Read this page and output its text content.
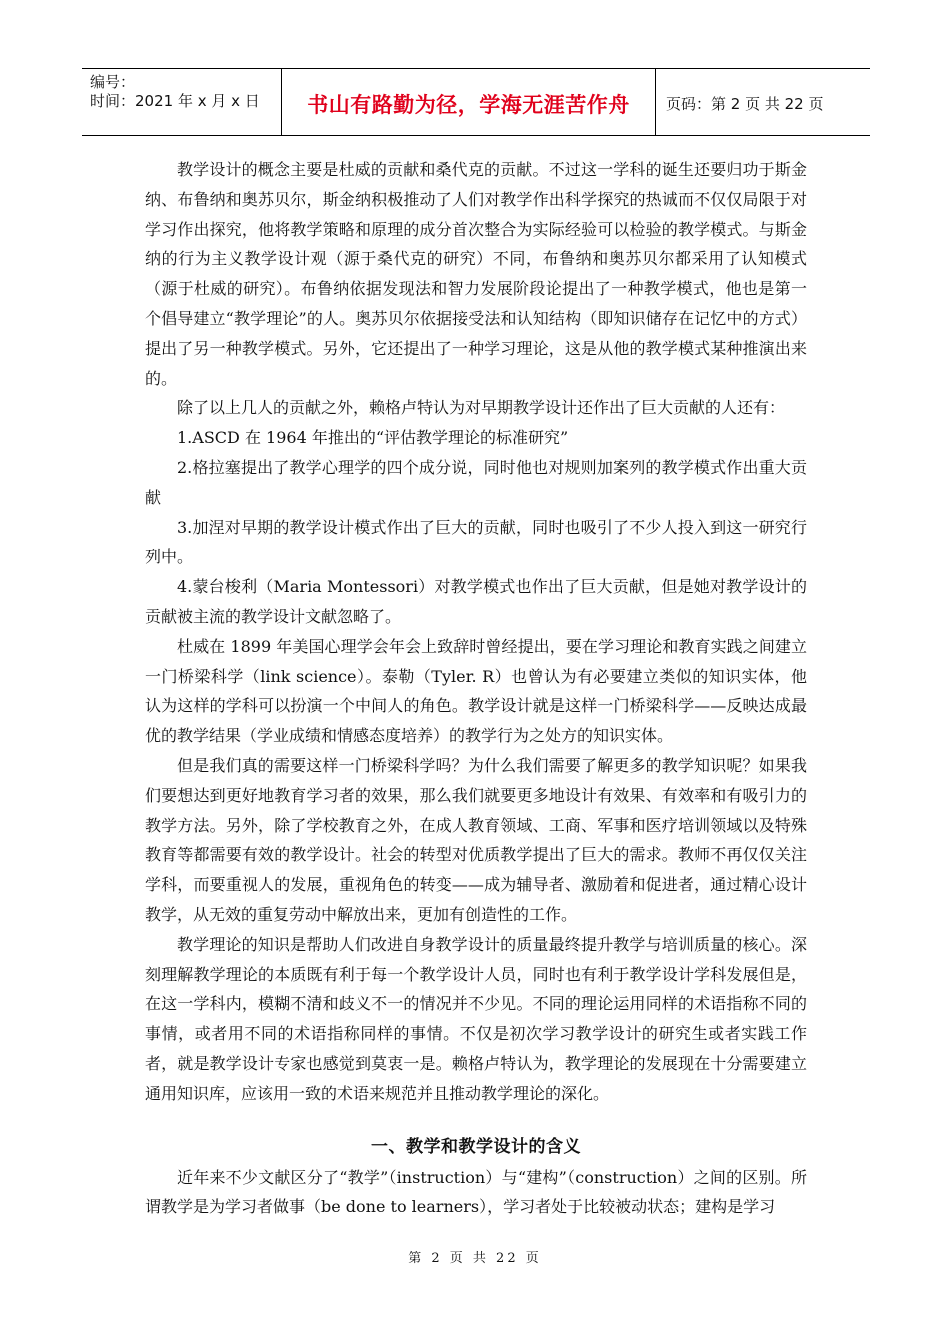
编号：
时间：2021 年 x 月 x 日	书山有路勤为径，学海无涯苦作舟	页码：第 2 页 共 22 页

教学设计的概念主要是杜威的贡献和桑代克的贡献。不过这一学科的诞生还要归功于斯金纳、布鲁纳和奥苏贝尔，斯金纳积极推动了人们对教学作出科学探究的热诚而不仅仅局限于对学习作出探究，他将教学策略和原理的成分首次整合为实际经验可以检验的教学模式。与斯金纳的行为主义教学设计观（源于桑代克的研究）不同，布鲁纳和奥苏贝尔都采用了认知模式（源于杜威的研究）。布鲁纳依据发现法和智力发展阶段论提出了一种教学模式，他也是第一个倡导建立“教学理论”的人。奥苏贝尔依据接受法和认知结构（即知识储存在记忆中的方式）提出了另一种教学模式。另外，它还提出了一种学习理论，这是从他的教学模式某种推演出来的。

除了以上几人的贡献之外，赖格卢特认为对早期教学设计还作出了巨大贡献的人还有：

1.ASCD 在 1964 年推出的“评估教学理论的标准研究”

2.格拉塞提出了教学心理学的四个成分说，同时他也对规则加案列的教学模式作出重大贡献

3.加涅对早期的教学设计模式作出了巨大的贡献，同时也吸引了不少人投入到这一研究行列中。

4.蒙台梭利（Maria Montessori）对教学模式也作出了巨大贡献，但是她对教学设计的贡献被主流的教学设计文献忽略了。

杜威在 1899 年美国心理学会年会上致辞时曾经提出，要在学习理论和教育实践之间建立一门桥梁科学（link science）。泰勒（Tyler. R）也曾认为有必要建立类似的知识实体，他认为这样的学科可以扮演一个中间人的角色。教学设计就是这样一门桥梁科学——反映达成最优的教学结果（学业成绩和情感态度培养）的教学行为之处方的知识实体。

但是我们真的需要这样一门桥梁科学吗？为什么我们需要了解更多的教学知识呢？如果我们要想达到更好地教育学习者的效果，那么我们就要更多地设计有效果、有效率和有吸引力的教学方法。另外，除了学校教育之外，在成人教育领域、工商、军事和医疗培训领域以及特殊教育等都需要有效的教学设计。社会的转型对优质教学提出了巨大的需求。教师不再仅仅关注学科，而要重视人的发展，重视角色的转变——成为辅导者、激励着和促进者，通过精心设计教学，从无效的重复劳动中解放出来，更加有创造性的工作。

教学理论的知识是帮助人们改进自身教学设计的质量最终提升教学与培训质量的核心。深刻理解教学理论的本质既有利于每一个教学设计人员，同时也有利于教学设计学科发展但是，在这一学科内，模糊不清和歧义不一的情况并不少见。不同的理论运用同样的术语指称不同的事情，或者用不同的术语指称同样的事情。不仅是初次学习教学设计的研究生或者实践工作者，就是教学设计专家也感觉到莫衷一是。赖格卢特认为，教学理论的发展现在十分需要建立通用知识库，应该用一致的术语来规范并且推动教学理论的深化。

一、教学和教学设计的含义

近年来不少文献区分了“教学”（instruction）与“建构”（construction）之间的区别。所谓教学是为学习者做事（be done to learners），学习者处于比较被动状态；建构是学习

第 2 页 共 22 页
